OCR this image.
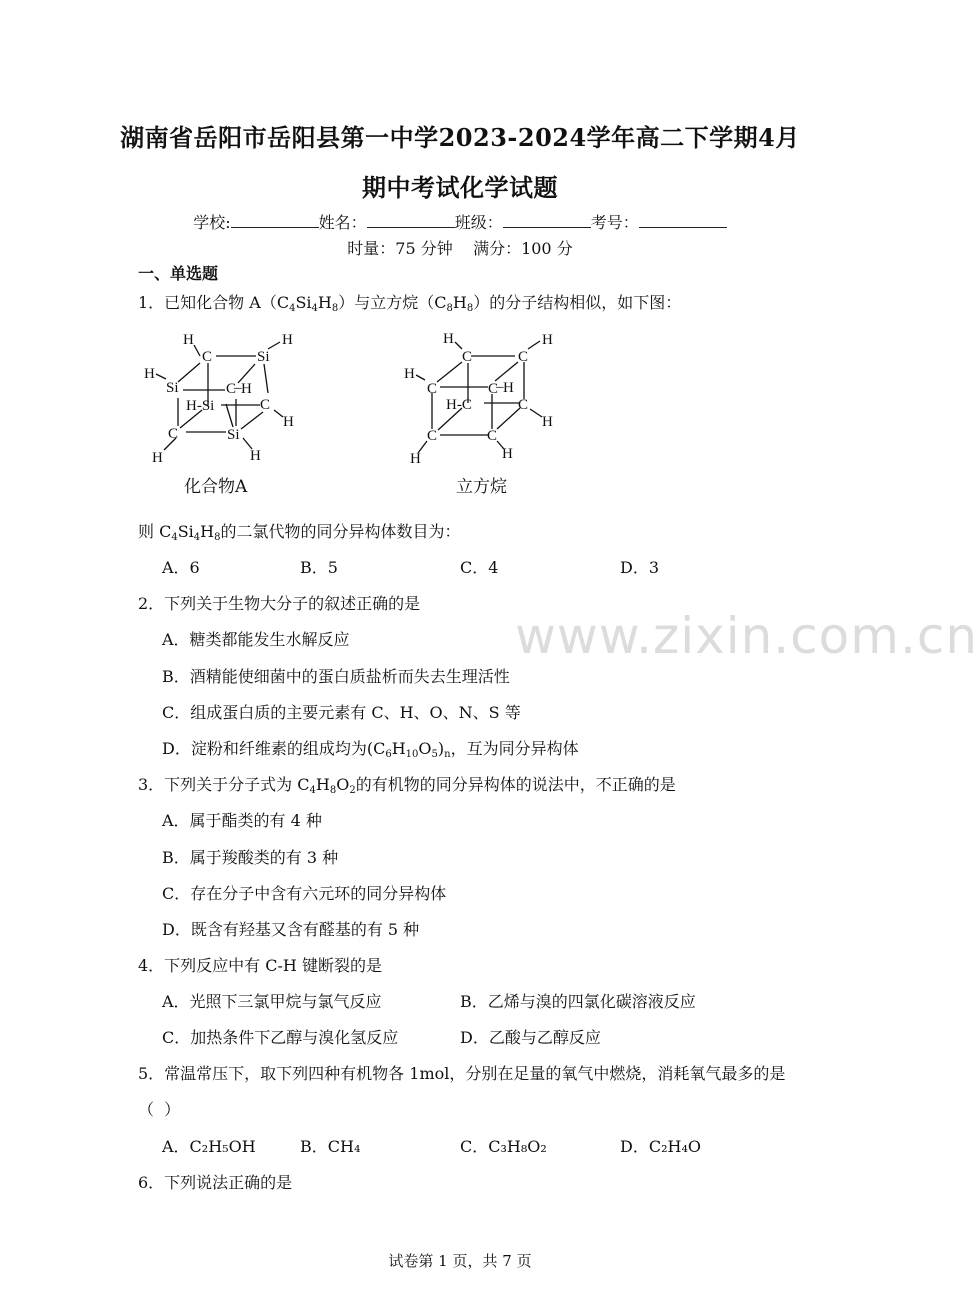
湖南省岳阳市岳阳县第一中学2023-2024学年高二下学期4月
期中考试化学试题
学校:	姓名：	班级：	考号：
时量：75 分钟    满分：100 分
一、单选题
1．已知化合物 $A(C_4Si_4H_8)$与立方烷$(C_8H_8)$的分子结构相似，如下图：
H
C	Si
H
H
Si	C H
–
H-Si	C
H
C	Si
H	H
化合物A
H
C	C
H
H
C	C H
–
H-C	C
H
C	C
H	H
立方烷
则 $C_4Si_4H_8$的二氯代物的同分异构体数目为：
A．6	B．5	C．4	D．3
www.zixin.com.cn
2．下列关于生物大分子的叙述正确的是
A．糖类都能发生水解反应
B．酒精能使细菌中的蛋白质盐析而失去生理活性
C．组成蛋白质的主要元素有 C、H、O、N、S 等
D．淀粉和纤维素的组成均为$(C_6H_{10}O_5)_n$，互为同分异构体
3．下列关于分子式为 $C_4H_8O_2$的有机物的同分异构体的说法中，不正确的是
A．属于酯类的有 4 种
B．属于羧酸类的有 3 种
C．存在分子中含有六元环的同分异构体
D．既含有羟基又含有醛基的有 5 种
4．下列反应中有 C-H 键断裂的是
A．光照下三氯甲烷与氯气反应	B．乙烯与溴的四氯化碳溶液反应
C．加热条件下乙醇与溴化氢反应	D．乙酸与乙醇反应
5．常温常压下，取下列四种有机物各 1mol，分别在足量的氧气中燃烧，消耗氧气最多的是
（  ）
A．C₂H₅OH	B．CH₄	C．C₃H₈O₂	D．C₂H₄O
6．下列说法正确的是
试卷第 1 页，共 7 页
